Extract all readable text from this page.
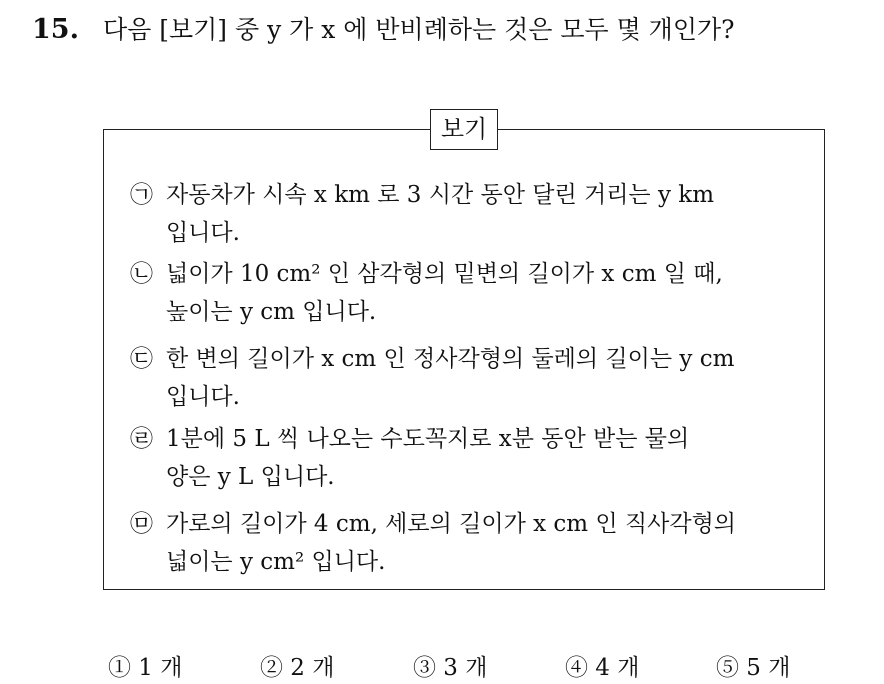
15. 다음 [보기] 중 y 가 x 에 반비례하는 것은 모두 몇 개인가?
보기
㉠ 자동차가 시속 x km 로 3 시간 동안 달린 거리는 y km
입니다.
㉡ 넓이가 10 cm² 인 삼각형의 밑변의 길이가 x cm 일 때,
높이는 y cm 입니다.
㉢ 한 변의 길이가 x cm 인 정사각형의 둘레의 길이는 y cm
입니다.
㉣ 1분에 5 L 씩 나오는 수도꼭지로 x분 동안 받는 물의
양은 y L 입니다.
㉤ 가로의 길이가 4 cm, 세로의 길이가 x cm 인 직사각형의
넓이는 y cm² 입니다.
① 1 개	② 2 개	③ 3 개	④ 4 개	⑤ 5 개
